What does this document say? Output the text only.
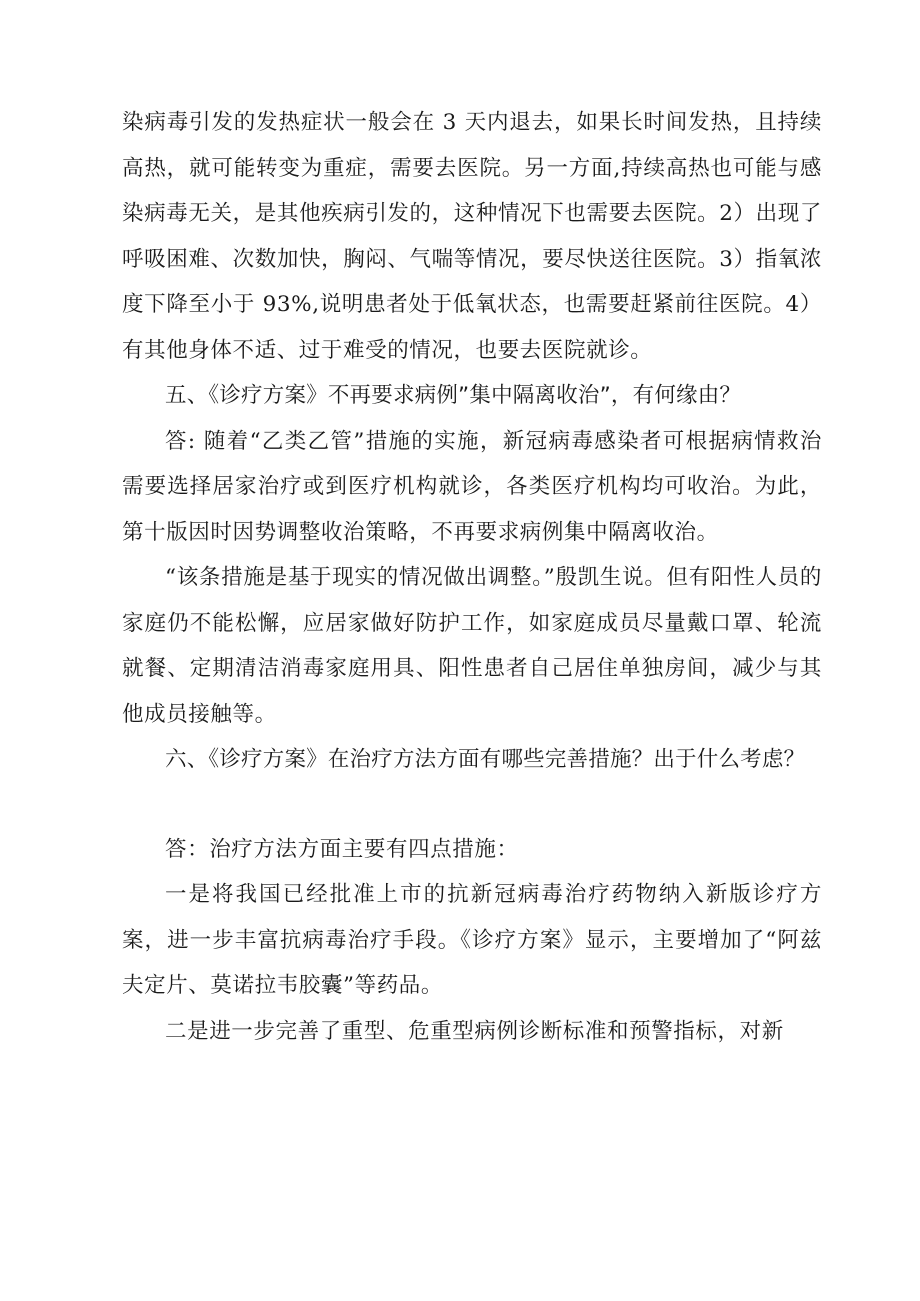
染病毒引发的发热症状一般会在 3 天内退去，如果长时间发热，且持续高热，就可能转变为重症，需要去医院。另一方面,持续高热也可能与感染病毒无关，是其他疾病引发的，这种情况下也需要去医院。2）出现了呼吸困难、次数加快，胸闷、气喘等情况，要尽快送往医院。3）指氧浓度下降至小于 93%,说明患者处于低氧状态，也需要赶紧前往医院。4）有其他身体不适、过于难受的情况，也要去医院就诊。

五、《诊疗方案》不再要求病例”集中隔离收治”，有何缘由？

答: 随着“乙类乙管”措施的实施，新冠病毒感染者可根据病情救治需要选择居家治疗或到医疗机构就诊，各类医疗机构均可收治。为此，第十版因时因势调整收治策略，不再要求病例集中隔离收治。

“该条措施是基于现实的情况做出调整。”殷凯生说。但有阳性人员的家庭仍不能松懈，应居家做好防护工作，如家庭成员尽量戴口罩、轮流就餐、定期清洁消毒家庭用具、阳性患者自己居住单独房间，减少与其他成员接触等。

六、《诊疗方案》在治疗方法方面有哪些完善措施？出于什么考虑？

答：治疗方法方面主要有四点措施：

一是将我国已经批准上市的抗新冠病毒治疗药物纳入新版诊疗方案，进一步丰富抗病毒治疗手段。《诊疗方案》显示，主要增加了“阿兹夫定片、莫诺拉韦胶囊”等药品。

二是进一步完善了重型、危重型病例诊断标准和预警指标，对新
